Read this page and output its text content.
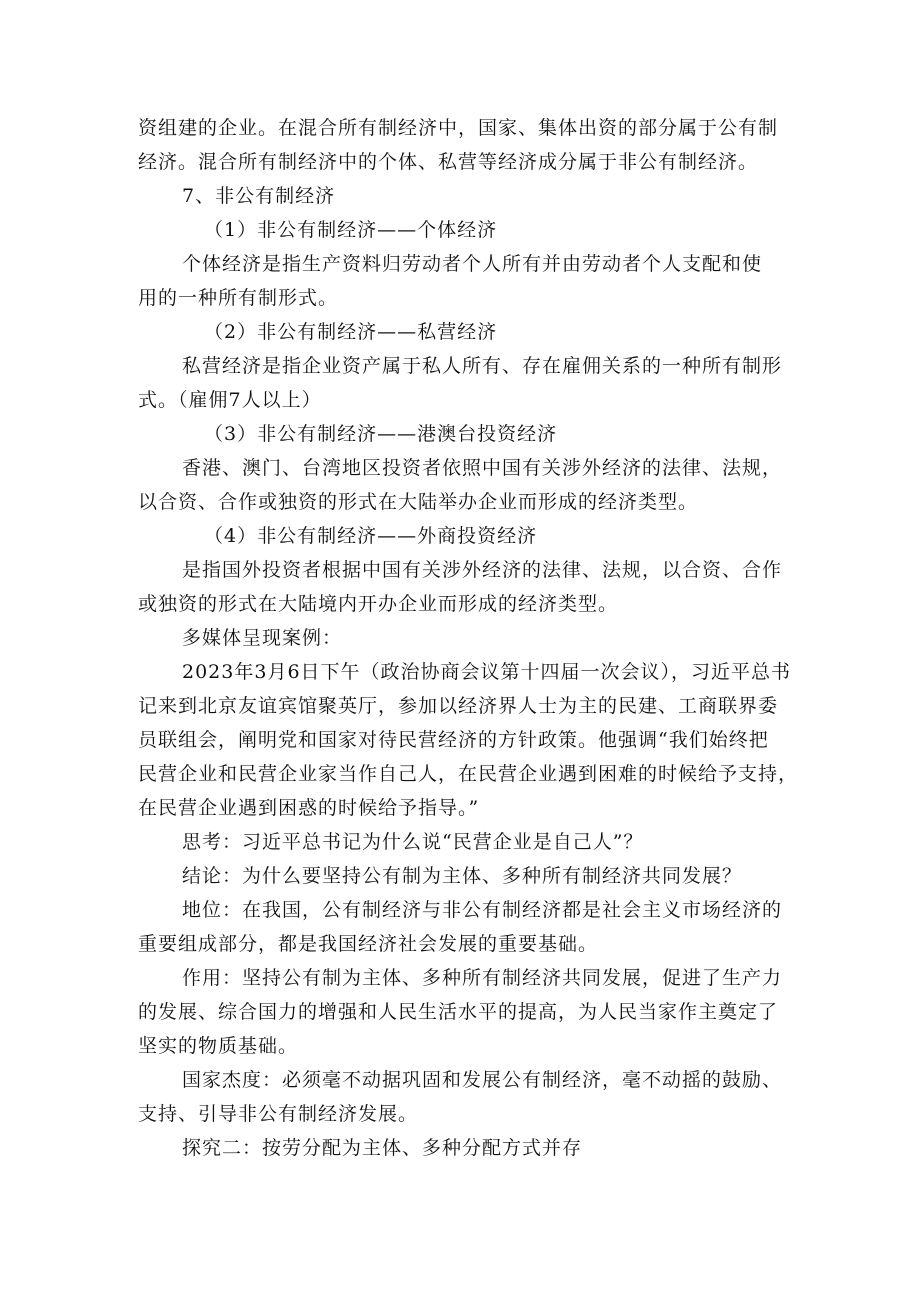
资组建的企业。在混合所有制经济中，国家、集体出资的部分属于公有制
经济。混合所有制经济中的个体、私营等经济成分属于非公有制经济。
7、非公有制经济
（1）非公有制经济——个体经济
个体经济是指生产资料归劳动者个人所有并由劳动者个人支配和使
用的一种所有制形式。
（2）非公有制经济——私营经济
私营经济是指企业资产属于私人所有、存在雇佣关系的一种所有制形
式。（雇佣7人以上）
（3）非公有制经济——港澳台投资经济
香港、澳门、台湾地区投资者依照中国有关涉外经济的法律、法规，
以合资、合作或独资的形式在大陆举办企业而形成的经济类型。
（4）非公有制经济——外商投资经济
是指国外投资者根据中国有关涉外经济的法律、法规，以合资、合作
或独资的形式在大陆境内开办企业而形成的经济类型。
多媒体呈现案例：
2023年3月6日下午（政治协商会议第十四届一次会议），习近平总书
记来到北京友谊宾馆聚英厅，参加以经济界人士为主的民建、工商联界委
员联组会，阐明党和国家对待民营经济的方针政策。他强调“我们始终把
民营企业和民营企业家当作自己人，在民营企业遇到困难的时候给予支持，
在民营企业遇到困惑的时候给予指导。”
思考：习近平总书记为什么说“民营企业是自己人”？
结论：为什么要坚持公有制为主体、多种所有制经济共同发展？
地位：在我国，公有制经济与非公有制经济都是社会主义市场经济的
重要组成部分，都是我国经济社会发展的重要基础。
作用：坚持公有制为主体、多种所有制经济共同发展，促进了生产力
的发展、综合国力的增强和人民生活水平的提高，为人民当家作主奠定了
坚实的物质基础。
国家杰度：必须毫不动据巩固和发展公有制经济，毫不动摇的鼓励、
支持、引导非公有制经济发展。
探究二：按劳分配为主体、多种分配方式并存
